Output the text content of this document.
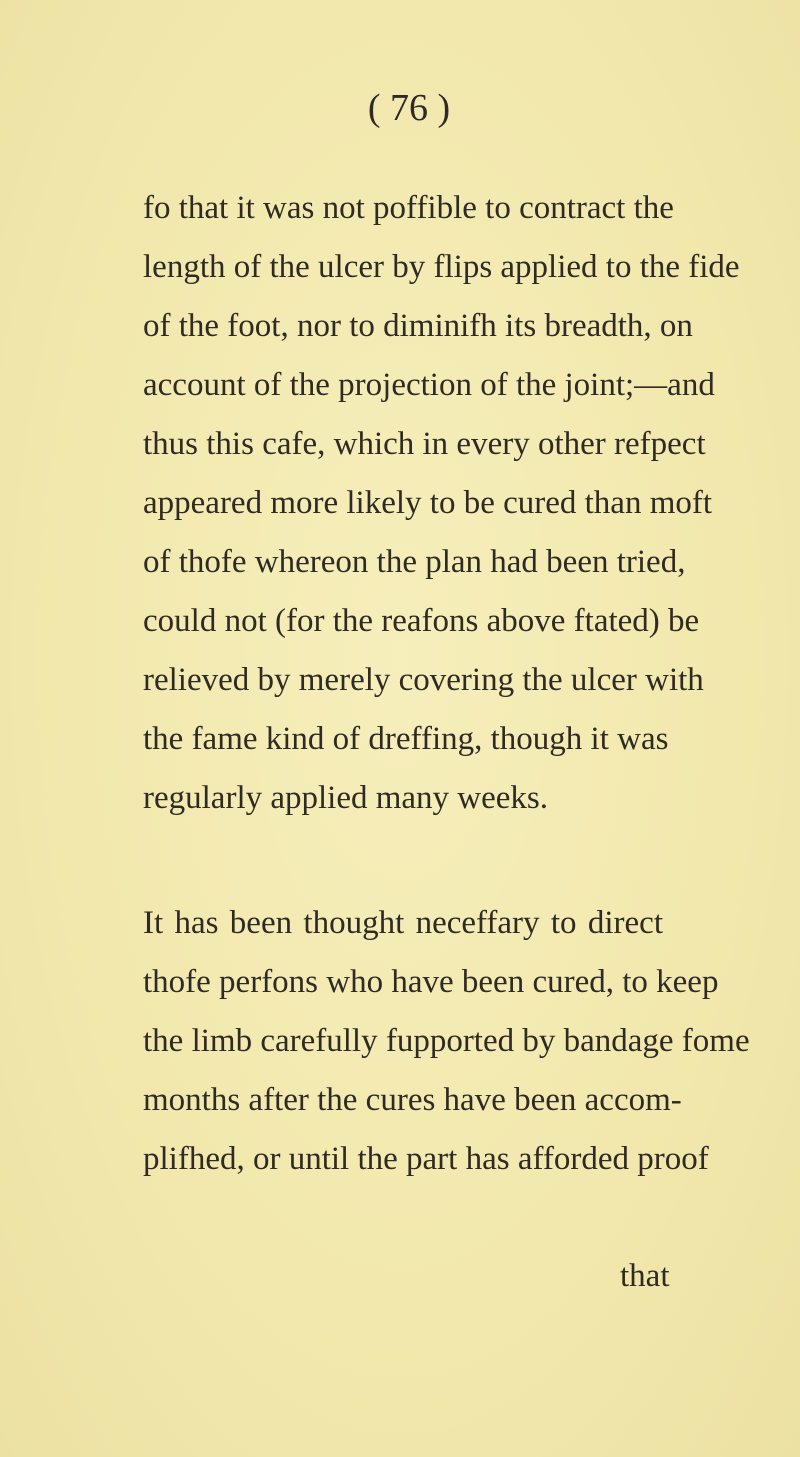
( 76 )
fo that it was not poffible to contract the
length of the ulcer by flips applied to the fide
of the foot, nor to diminifh its breadth, on
account of the projection of the joint;—and
thus this cafe, which in every other refpect
appeared more likely to be cured than moft
of thofe whereon the plan had been tried,
could not (for the reafons above ftated) be
relieved by merely covering the ulcer with
the fame kind of dreffing, though it was
regularly applied many weeks.
It has been thought neceffary to direct
thofe perfons who have been cured, to keep
the limb carefully fupported by bandage fome
months after the cures have been accom-
plifhed, or until the part has afforded proof
that
